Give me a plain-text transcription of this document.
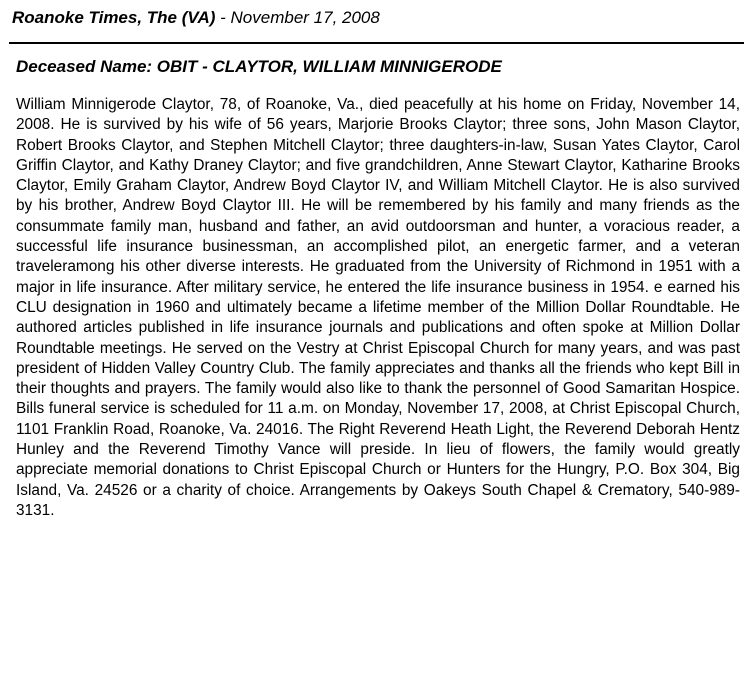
Roanoke Times, The (VA) - November 17, 2008
Deceased Name: OBIT - CLAYTOR, WILLIAM MINNIGERODE

William Minnigerode Claytor, 78, of Roanoke, Va., died peacefully at his home on Friday, November 14, 2008. He is survived by his wife of 56 years, Marjorie Brooks Claytor; three sons, John Mason Claytor, Robert Brooks Claytor, and Stephen Mitchell Claytor; three daughters-in-law, Susan Yates Claytor, Carol Griffin Claytor, and Kathy Draney Claytor; and five grandchildren, Anne Stewart Claytor, Katharine Brooks Claytor, Emily Graham Claytor, Andrew Boyd Claytor IV, and William Mitchell Claytor. He is also survived by his brother, Andrew Boyd Claytor III. He will be remembered by his family and many friends as the consummate family man, husband and father, an avid outdoorsman and hunter, a voracious reader, a successful life insurance businessman, an accomplished pilot, an energetic farmer, and a veteran traveleramong his other diverse interests. He graduated from the University of Richmond in 1951 with a major in life insurance. After military service, he entered the life insurance business in 1954. e earned his CLU designation in 1960 and ultimately became a lifetime member of the Million Dollar Roundtable. He authored articles published in life insurance journals and publications and often spoke at Million Dollar Roundtable meetings. He served on the Vestry at Christ Episcopal Church for many years, and was past president of Hidden Valley Country Club. The family appreciates and thanks all the friends who kept Bill in their thoughts and prayers. The family would also like to thank the personnel of Good Samaritan Hospice. Bills funeral service is scheduled for 11 a.m. on Monday, November 17, 2008, at Christ Episcopal Church, 1101 Franklin Road, Roanoke, Va. 24016. The Right Reverend Heath Light, the Reverend Deborah Hentz Hunley and the Reverend Timothy Vance will preside. In lieu of flowers, the family would greatly appreciate memorial donations to Christ Episcopal Church or Hunters for the Hungry, P.O. Box 304, Big Island, Va. 24526 or a charity of choice. Arrangements by Oakeys South Chapel & Crematory, 540-989-3131.
